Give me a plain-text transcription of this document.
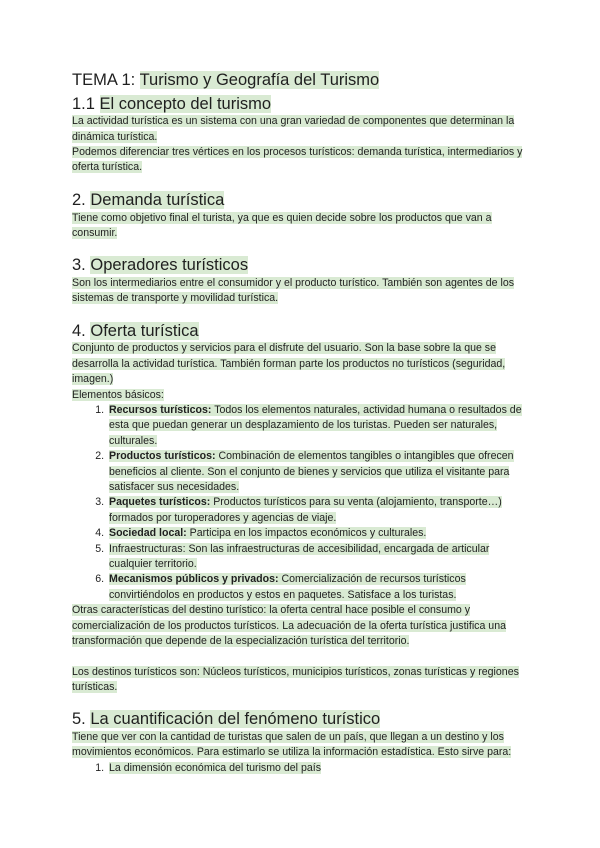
TEMA 1: Turismo y Geografía del Turismo
1.1 El concepto del turismo

La actividad turística es un sistema con una gran variedad de componentes que determinan la dinámica turística.

Podemos diferenciar tres vértices en los procesos turísticos: demanda turística, intermediarios y oferta turística.

2. Demanda turística

Tiene como objetivo final el turista, ya que es quien decide sobre los productos que van a consumir.

3. Operadores turísticos

Son los intermediarios entre el consumidor y el producto turístico. También son agentes de los sistemas de transporte y movilidad turística.

4. Oferta turística

Conjunto de productos y servicios para el disfrute del usuario. Son la base sobre la que se desarrolla la actividad turística. También forman parte los productos no turísticos (seguridad, imagen.)

Elementos básicos:

1. Recursos turísticos: Todos los elementos naturales, actividad humana o resultados de esta que puedan generar un desplazamiento de los turistas. Pueden ser naturales, culturales.
2. Productos turísticos: Combinación de elementos tangibles o intangibles que ofrecen beneficios al cliente. Son el conjunto de bienes y servicios que utiliza el visitante para satisfacer sus necesidades.
3. Paquetes turísticos: Productos turísticos para su venta (alojamiento, transporte…) formados por turoperadores y agencias de viaje.
4. Sociedad local: Participa en los impactos económicos y culturales.
5. Infraestructuras: Son las infraestructuras de accesibilidad, encargada de articular cualquier territorio.
6. Mecanismos públicos y privados: Comercialización de recursos turísticos convirtiéndolos en productos y estos en paquetes. Satisface a los turistas.

Otras características del destino turístico: la oferta central hace posible el consumo y comercialización de los productos turísticos. La adecuación de la oferta turística justifica una transformación que depende de la especialización turística del territorio.

Los destinos turísticos son: Núcleos turísticos, municipios turísticos, zonas turísticas y regiones turísticas.

5. La cuantificación del fenómeno turístico

Tiene que ver con la cantidad de turistas que salen de un país, que llegan a un destino y los movimientos económicos. Para estimarlo se utiliza la información estadística. Esto sirve para:

1. La dimensión económica del turismo del país
